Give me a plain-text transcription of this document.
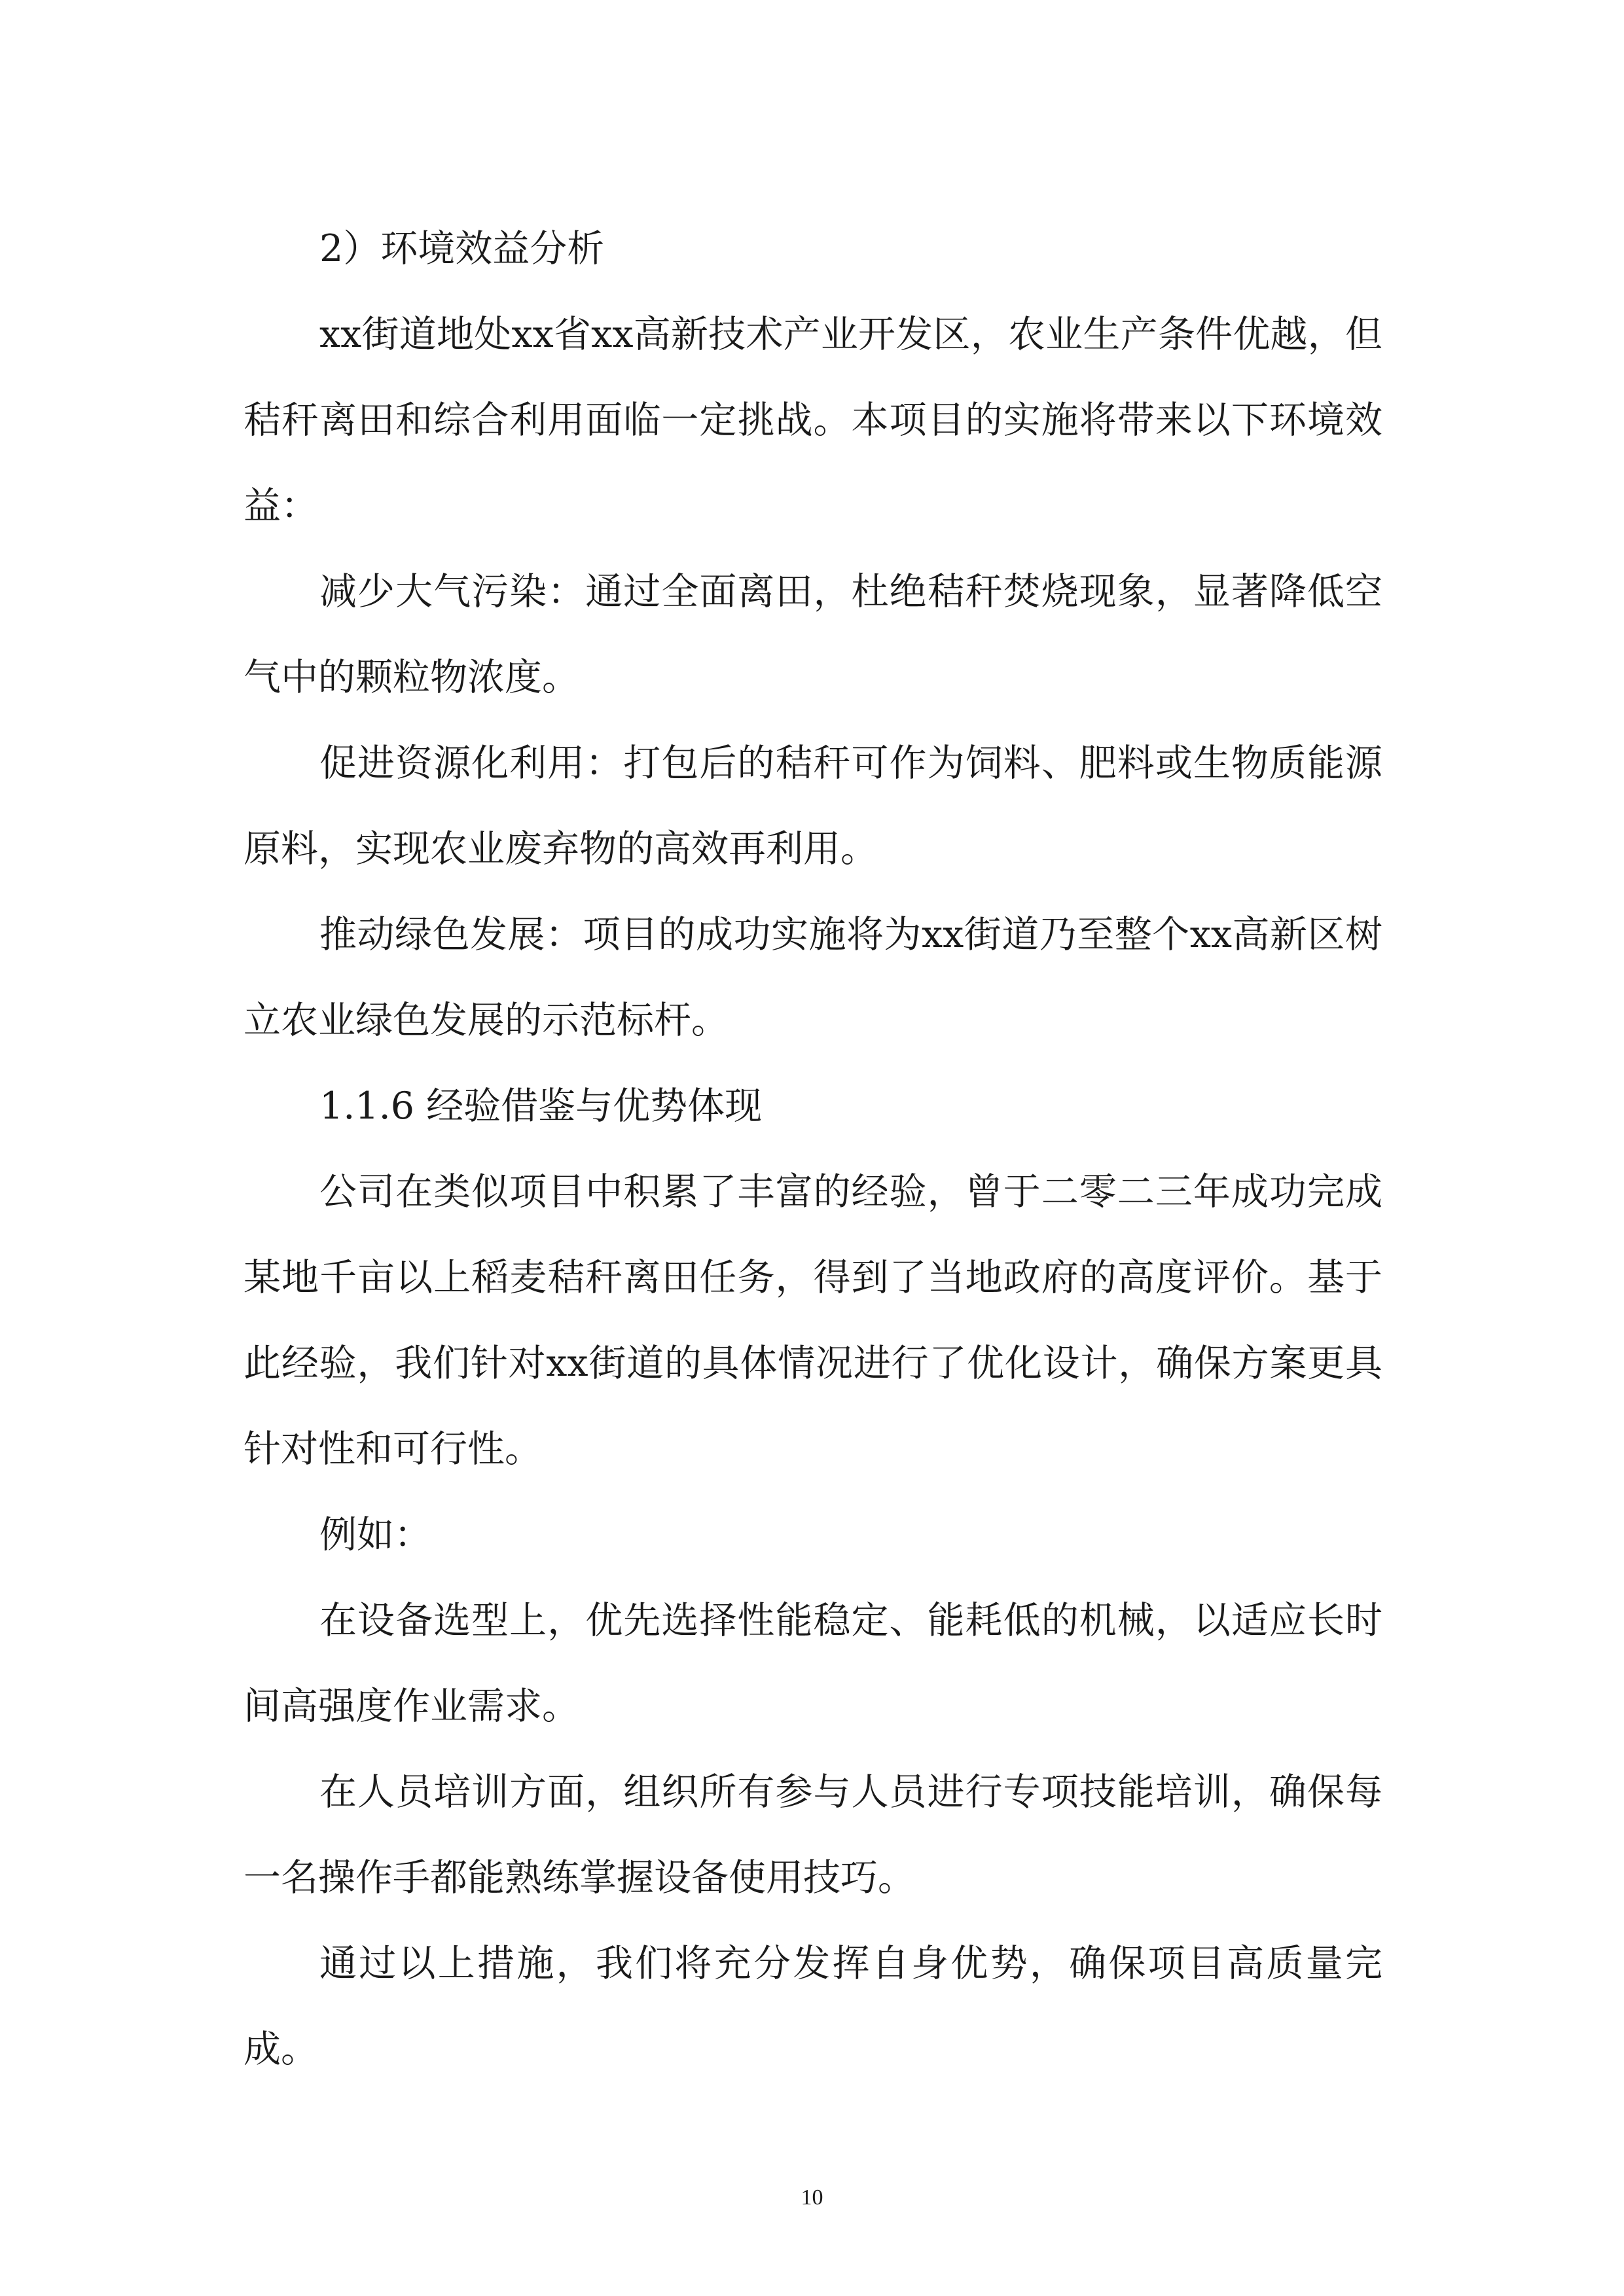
2）环境效益分析

xx街道地处xx省xx高新技术产业开发区，农业生产条件优越，但秸秆离田和综合利用面临一定挑战。本项目的实施将带来以下环境效益：

减少大气污染：通过全面离田，杜绝秸秆焚烧现象，显著降低空气中的颗粒物浓度。

促进资源化利用：打包后的秸秆可作为饲料、肥料或生物质能源原料，实现农业废弃物的高效再利用。

推动绿色发展：项目的成功实施将为xx街道乃至整个xx高新区树立农业绿色发展的示范标杆。

1.1.6 经验借鉴与优势体现

公司在类似项目中积累了丰富的经验，曾于二零二三年成功完成某地千亩以上稻麦秸秆离田任务，得到了当地政府的高度评价。基于此经验，我们针对xx街道的具体情况进行了优化设计，确保方案更具针对性和可行性。

例如：

在设备选型上，优先选择性能稳定、能耗低的机械，以适应长时间高强度作业需求。

在人员培训方面，组织所有参与人员进行专项技能培训，确保每一名操作手都能熟练掌握设备使用技巧。

通过以上措施，我们将充分发挥自身优势，确保项目高质量完成。

10
